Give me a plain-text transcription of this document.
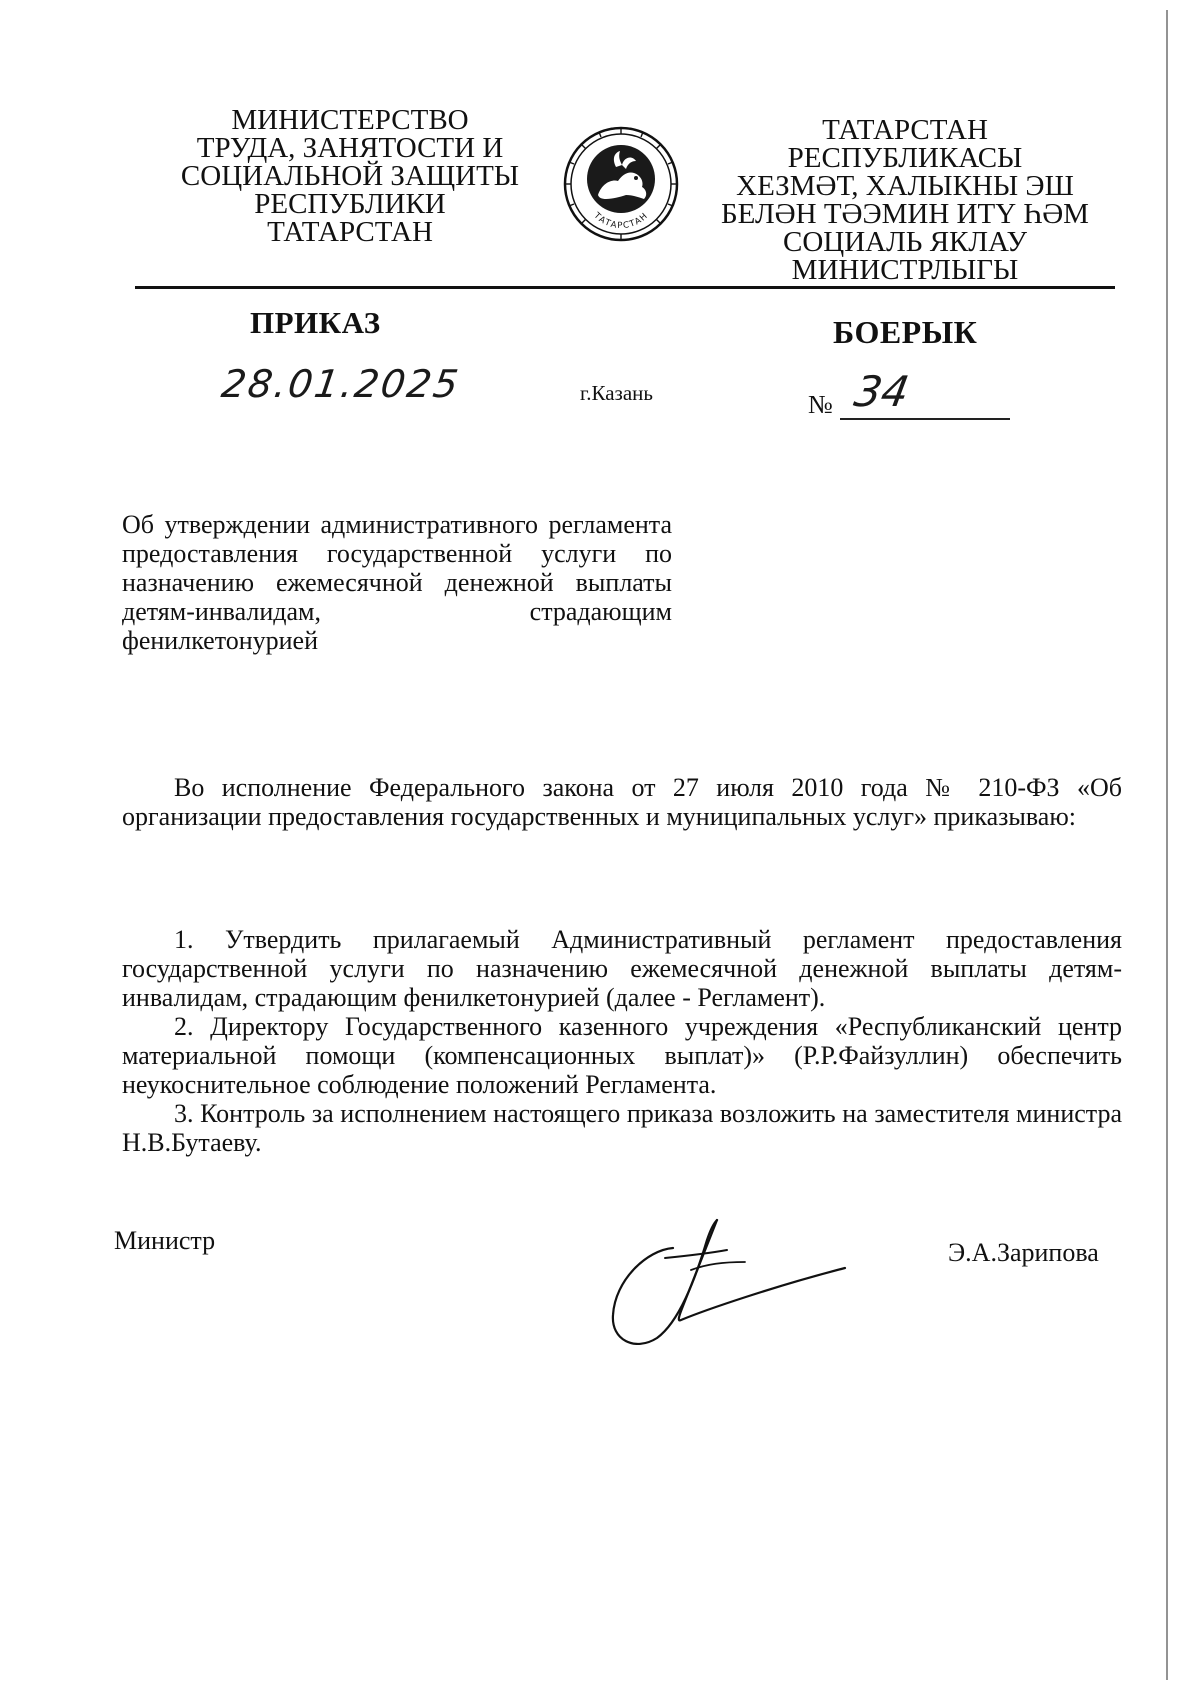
МИНИСТЕРСТВО
ТРУДА, ЗАНЯТОСТИ И
СОЦИАЛЬНОЙ ЗАЩИТЫ
РЕСПУБЛИКИ
ТАТАРСТАН	ТАТАРСТАН
ТАТАРСТАН РЕСПУБЛИКАСЫ
ХЕЗМӘТ, ХАЛЫКНЫ ЭШ
БЕЛӘН ТӘЭМИН ИТҮ ҺӘМ
СОЦИАЛЬ ЯКЛАУ
МИНИСТРЛЫГЫ
ПРИКАЗ	БОЕРЫК
28.01.2025	г.Казань	№ 34
Об утверждении административного регламента предоставления государственной услуги по назначению ежемесячной денежной выплаты детям-инвалидам, страдающим фенилкетонурией

Во исполнение Федерального закона от 27 июля 2010 года № 210-ФЗ «Об организации предоставления государственных и муниципальных услуг» приказываю:

1. Утвердить прилагаемый Административный регламент предоставления государственной услуги по назначению ежемесячной денежной выплаты детям-инвалидам, страдающим фенилкетонурией (далее - Регламент).

2. Директору Государственного казенного учреждения «Республиканский центр материальной помощи (компенсационных выплат)» (Р.Р.Файзуллин) обеспечить неукоснительное соблюдение положений Регламента.

3. Контроль за исполнением настоящего приказа возложить на заместителя министра Н.В.Бутаеву.

Министр	Э.А.Зарипова
